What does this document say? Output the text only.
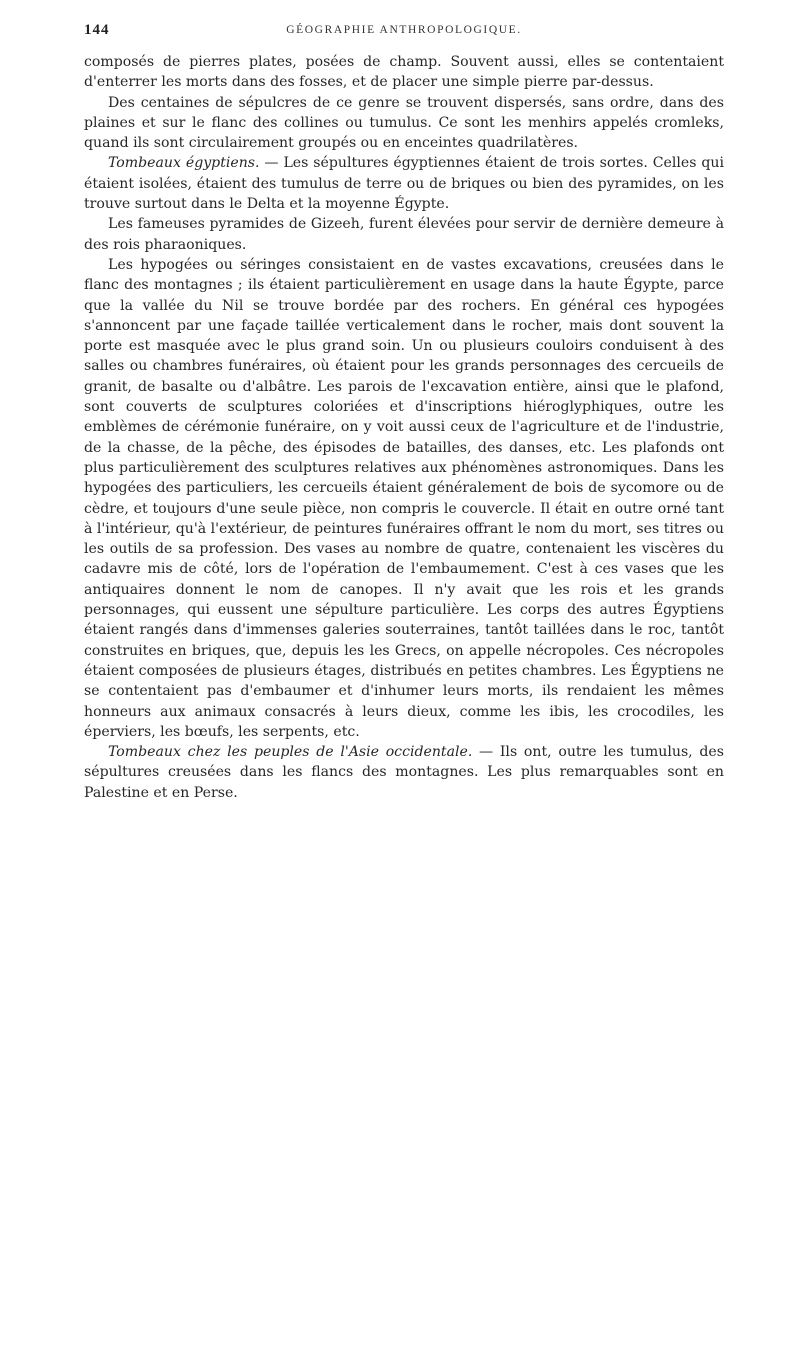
144	GÉOGRAPHIE ANTHROPOLOGIQUE.

composés de pierres plates, posées de champ. Souvent aussi, elles se contentaient d'enterrer les morts dans des fosses, et de placer une simple pierre par-dessus.

Des centaines de sépulcres de ce genre se trouvent dispersés, sans ordre, dans des plaines et sur le flanc des collines ou tumulus. Ce sont les menhirs appelés cromleks, quand ils sont circulairement groupés ou en enceintes quadrilatères.

Tombeaux égyptiens. — Les sépultures égyptiennes étaient de trois sortes. Celles qui étaient isolées, étaient des tumulus de terre ou de briques ou bien des pyramides, on les trouve surtout dans le Delta et la moyenne Égypte.

Les fameuses pyramides de Gizeeh, furent élevées pour servir de dernière demeure à des rois pharaoniques.

Les hypogées ou séringes consistaient en de vastes excavations, creusées dans le flanc des montagnes ; ils étaient particulièrement en usage dans la haute Égypte, parce que la vallée du Nil se trouve bordée par des rochers. En général ces hypogées s'annoncent par une façade taillée verticalement dans le rocher, mais dont souvent la porte est masquée avec le plus grand soin. Un ou plusieurs couloirs conduisent à des salles ou chambres funéraires, où étaient pour les grands personnages des cercueils de granit, de basalte ou d'albâtre. Les parois de l'excavation entière, ainsi que le plafond, sont couverts de sculptures coloriées et d'inscriptions hiéroglyphiques, outre les emblèmes de cérémonie funéraire, on y voit aussi ceux de l'agriculture et de l'industrie, de la chasse, de la pêche, des épisodes de batailles, des danses, etc. Les plafonds ont plus particulièrement des sculptures relatives aux phénomènes astronomiques. Dans les hypogées des particuliers, les cercueils étaient généralement de bois de sycomore ou de cèdre, et toujours d'une seule pièce, non compris le couvercle. Il était en outre orné tant à l'intérieur, qu'à l'extérieur, de peintures funéraires offrant le nom du mort, ses titres ou les outils de sa profession. Des vases au nombre de quatre, contenaient les viscères du cadavre mis de côté, lors de l'opération de l'embaumement. C'est à ces vases que les antiquaires donnent le nom de canopes. Il n'y avait que les rois et les grands personnages, qui eussent une sépulture particulière. Les corps des autres Égyptiens étaient rangés dans d'immenses galeries souterraines, tantôt taillées dans le roc, tantôt construites en briques, que, depuis les les Grecs, on appelle nécropoles. Ces nécropoles étaient composées de plusieurs étages, distribués en petites chambres. Les Égyptiens ne se contentaient pas d'embaumer et d'inhumer leurs morts, ils rendaient les mêmes honneurs aux animaux consacrés à leurs dieux, comme les ibis, les crocodiles, les éperviers, les bœufs, les serpents, etc.

Tombeaux chez les peuples de l'Asie occidentale. — Ils ont, outre les tumulus, des sépultures creusées dans les flancs des montagnes. Les plus remarquables sont en Palestine et en Perse.
